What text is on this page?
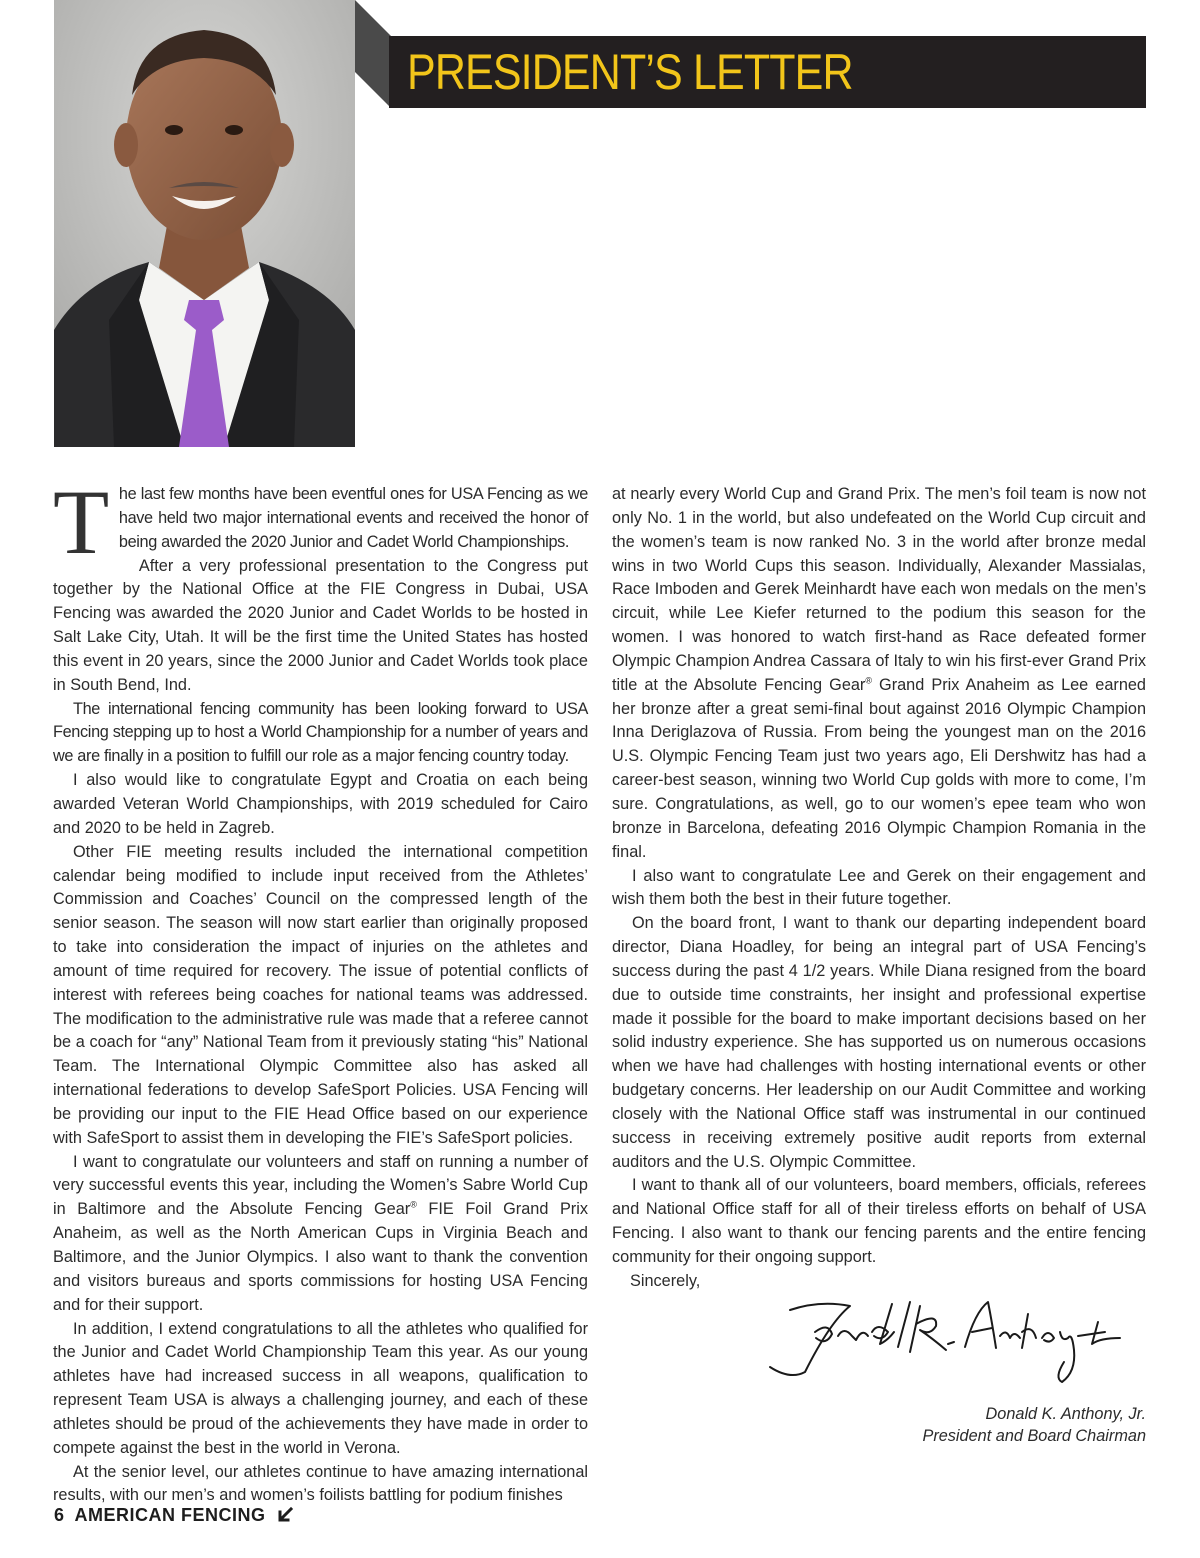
PRESIDENT’S LETTER

The last few months have been eventful ones for USA Fencing as we have held two major international events and received the honor of being awarded the 2020 Junior and Cadet World Championships.

After a very professional presentation to the Congress put together by the National Office at the FIE Congress in Dubai, USA Fencing was awarded the 2020 Junior and Cadet Worlds to be hosted in Salt Lake City, Utah. It will be the first time the United States has hosted this event in 20 years, since the 2000 Junior and Cadet Worlds took place in South Bend, Ind.

The international fencing community has been looking forward to USA Fencing stepping up to host a World Championship for a number of years and we are finally in a position to fulfill our role as a major fencing country today.

I also would like to congratulate Egypt and Croatia on each being awarded Veteran World Championships, with 2019 scheduled for Cairo and 2020 to be held in Zagreb.

Other FIE meeting results included the international competition calendar being modified to include input received from the Athletes’ Commission and Coaches’ Council on the compressed length of the senior season. The season will now start earlier than originally proposed to take into consideration the impact of injuries on the athletes and amount of time required for recovery. The issue of potential conflicts of interest with referees being coaches for national teams was addressed. The modification to the administrative rule was made that a referee cannot be a coach for “any” National Team from it previously stating “his” National Team. The International Olympic Committee also has asked all international federations to develop SafeSport Policies. USA Fencing will be providing our input to the FIE Head Office based on our experience with SafeSport to assist them in developing the FIE’s SafeSport policies.

I want to congratulate our volunteers and staff on running a number of very successful events this year, including the Women’s Sabre World Cup in Baltimore and the Absolute Fencing Gear® FIE Foil Grand Prix Anaheim, as well as the North American Cups in Virginia Beach and Baltimore, and the Junior Olympics. I also want to thank the convention and visitors bureaus and sports commissions for hosting USA Fencing and for their support.

In addition, I extend congratulations to all the athletes who qualified for the Junior and Cadet World Championship Team this year. As our young athletes have had increased success in all weapons, qualification to represent Team USA is always a challenging journey, and each of these athletes should be proud of the achievements they have made in order to compete against the best in the world in Verona.

At the senior level, our athletes continue to have amazing international results, with our men’s and women’s foilists battling for podium finishes

at nearly every World Cup and Grand Prix. The men’s foil team is now not only No. 1 in the world, but also undefeated on the World Cup circuit and the women’s team is now ranked No. 3 in the world after bronze medal wins in two World Cups this season. Individually, Alexander Massialas, Race Imboden and Gerek Meinhardt have each won medals on the men’s circuit, while Lee Kiefer returned to the podium this season for the women. I was honored to watch first-hand as Race defeated former Olympic Champion Andrea Cassara of Italy to win his first-ever Grand Prix title at the Absolute Fencing Gear® Grand Prix Anaheim as Lee earned her bronze after a great semi-final bout against 2016 Olympic Champion Inna Deriglazova of Russia. From being the youngest man on the 2016 U.S. Olympic Fencing Team just two years ago, Eli Dershwitz has had a career-best season, winning two World Cup golds with more to come, I’m sure. Congratulations, as well, go to our women’s epee team who won bronze in Barcelona, defeating 2016 Olympic Champion Romania in the final.

I also want to congratulate Lee and Gerek on their engagement and wish them both the best in their future together.

On the board front, I want to thank our departing independent board director, Diana Hoadley, for being an integral part of USA Fencing’s success during the past 4 1/2 years. While Diana resigned from the board due to outside time constraints, her insight and professional expertise made it possible for the board to make important decisions based on her solid industry experience. She has supported us on numerous occasions when we have had challenges with hosting international events or other budgetary concerns. Her leadership on our Audit Committee and working closely with the National Office staff was instrumental in our continued success in receiving extremely positive audit reports from external auditors and the U.S. Olympic Committee.

I want to thank all of our volunteers, board members, officials, referees and National Office staff for all of their tireless efforts on behalf of USA Fencing. I also want to thank our fencing parents and the entire fencing community for their ongoing support.

Sincerely,
Donald K. Anthony, Jr.
President and Board Chairman
6 AMERICAN FENCING
